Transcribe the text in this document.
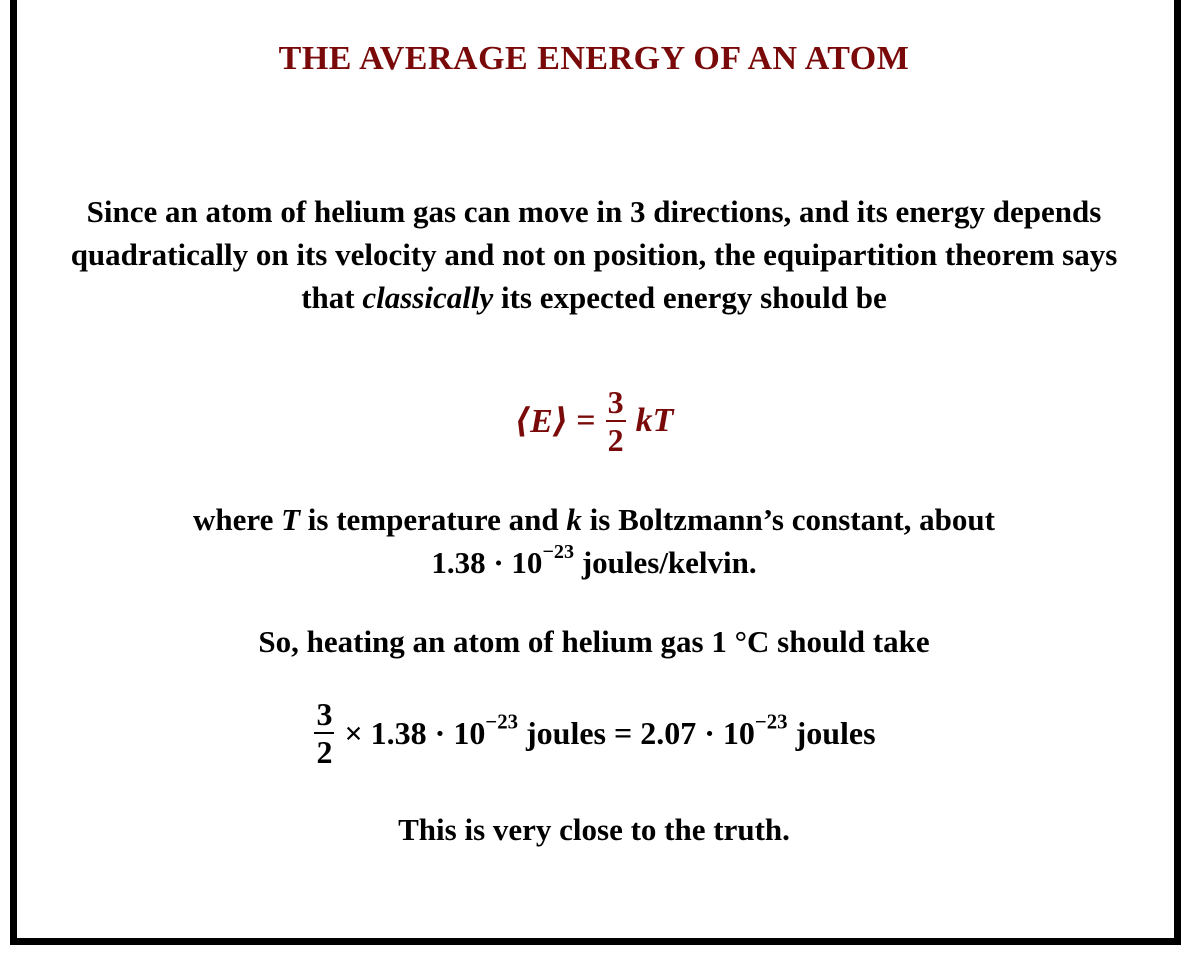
THE AVERAGE ENERGY OF AN ATOM
Since an atom of helium gas can move in 3 directions, and its energy depends quadratically on its velocity and not on position, the equipartition theorem says that classically its expected energy should be
⟨E⟩ = $\frac{3}{2}$ kT
where T is temperature and k is Boltzmann’s constant, about
$1.38 \cdot 10^{-23}$ joules/kelvin.
So, heating an atom of helium gas 1 °C should take
$\frac{3}{2} \times 1.38 \cdot 10^{-23}$ joules = $2.07 \cdot 10^{-23}$ joules
This is very close to the truth.
